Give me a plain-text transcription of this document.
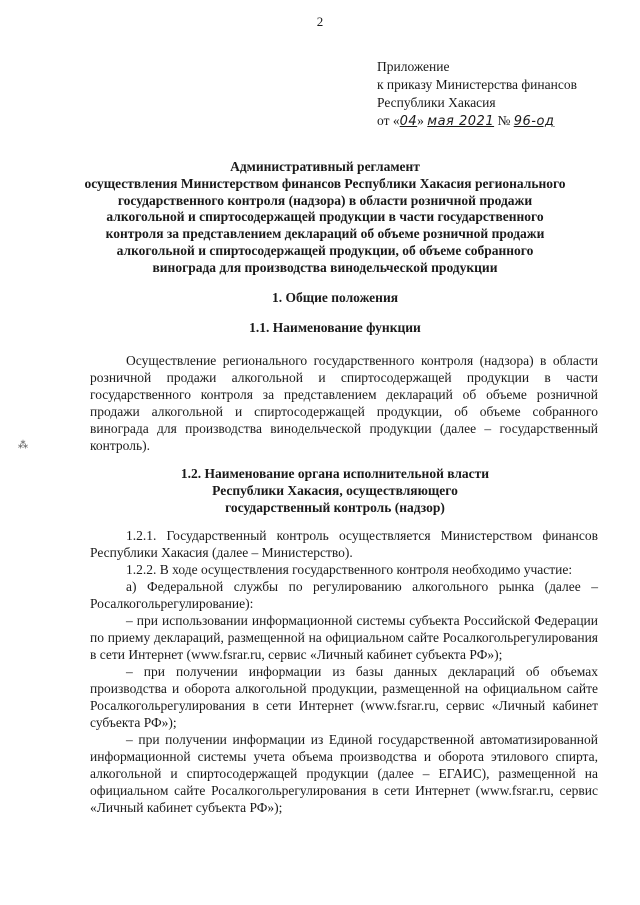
2
Приложение
к приказу Министерства финансов
Республики Хакасия
от «04» мая 2021 № 96-од
Административный регламент
осуществления Министерством финансов Республики Хакасия регионального
государственного контроля (надзора) в области розничной продажи
алкогольной и спиртосодержащей продукции в части государственного
контроля за представлением деклараций об объеме розничной продажи
алкогольной и спиртосодержащей продукции, об объеме собранного
винограда для производства винодельческой продукции
1. Общие положения
1.1. Наименование функции

Осуществление регионального государственного контроля (надзора) в области розничной продажи алкогольной и спиртосодержащей продукции в части государственного контроля за представлением деклараций об объеме розничной продажи алкогольной и спиртосодержащей продукции, об объеме собранного винограда для производства винодельческой продукции (далее – государственный контроль).

⁂
1.2. Наименование органа исполнительной власти
Республики Хакасия, осуществляющего
государственный контроль (надзор)

1.2.1. Государственный контроль осуществляется Министерством финансов Республики Хакасия (далее – Министерство).

1.2.2. В ходе осуществления государственного контроля необходимо участие:

а) Федеральной службы по регулированию алкогольного рынка (далее – Росалкогольрегулирование):

– при использовании информационной системы субъекта Российской Федерации по приему деклараций, размещенной на официальном сайте Росалкогольрегулирования в сети Интернет (www.fsrar.ru, сервис «Личный кабинет субъекта РФ»);

– при получении информации из базы данных деклараций об объемах производства и оборота алкогольной продукции, размещенной на официальном сайте Росалкогольрегулирования в сети Интернет (www.fsrar.ru, сервис «Личный кабинет субъекта РФ»);

– при получении информации из Единой государственной автоматизированной информационной системы учета объема производства и оборота этилового спирта, алкогольной и спиртосодержащей продукции (далее – ЕГАИС), размещенной на официальном сайте Росалкогольрегулирования в сети Интернет (www.fsrar.ru, сервис «Личный кабинет субъекта РФ»);
